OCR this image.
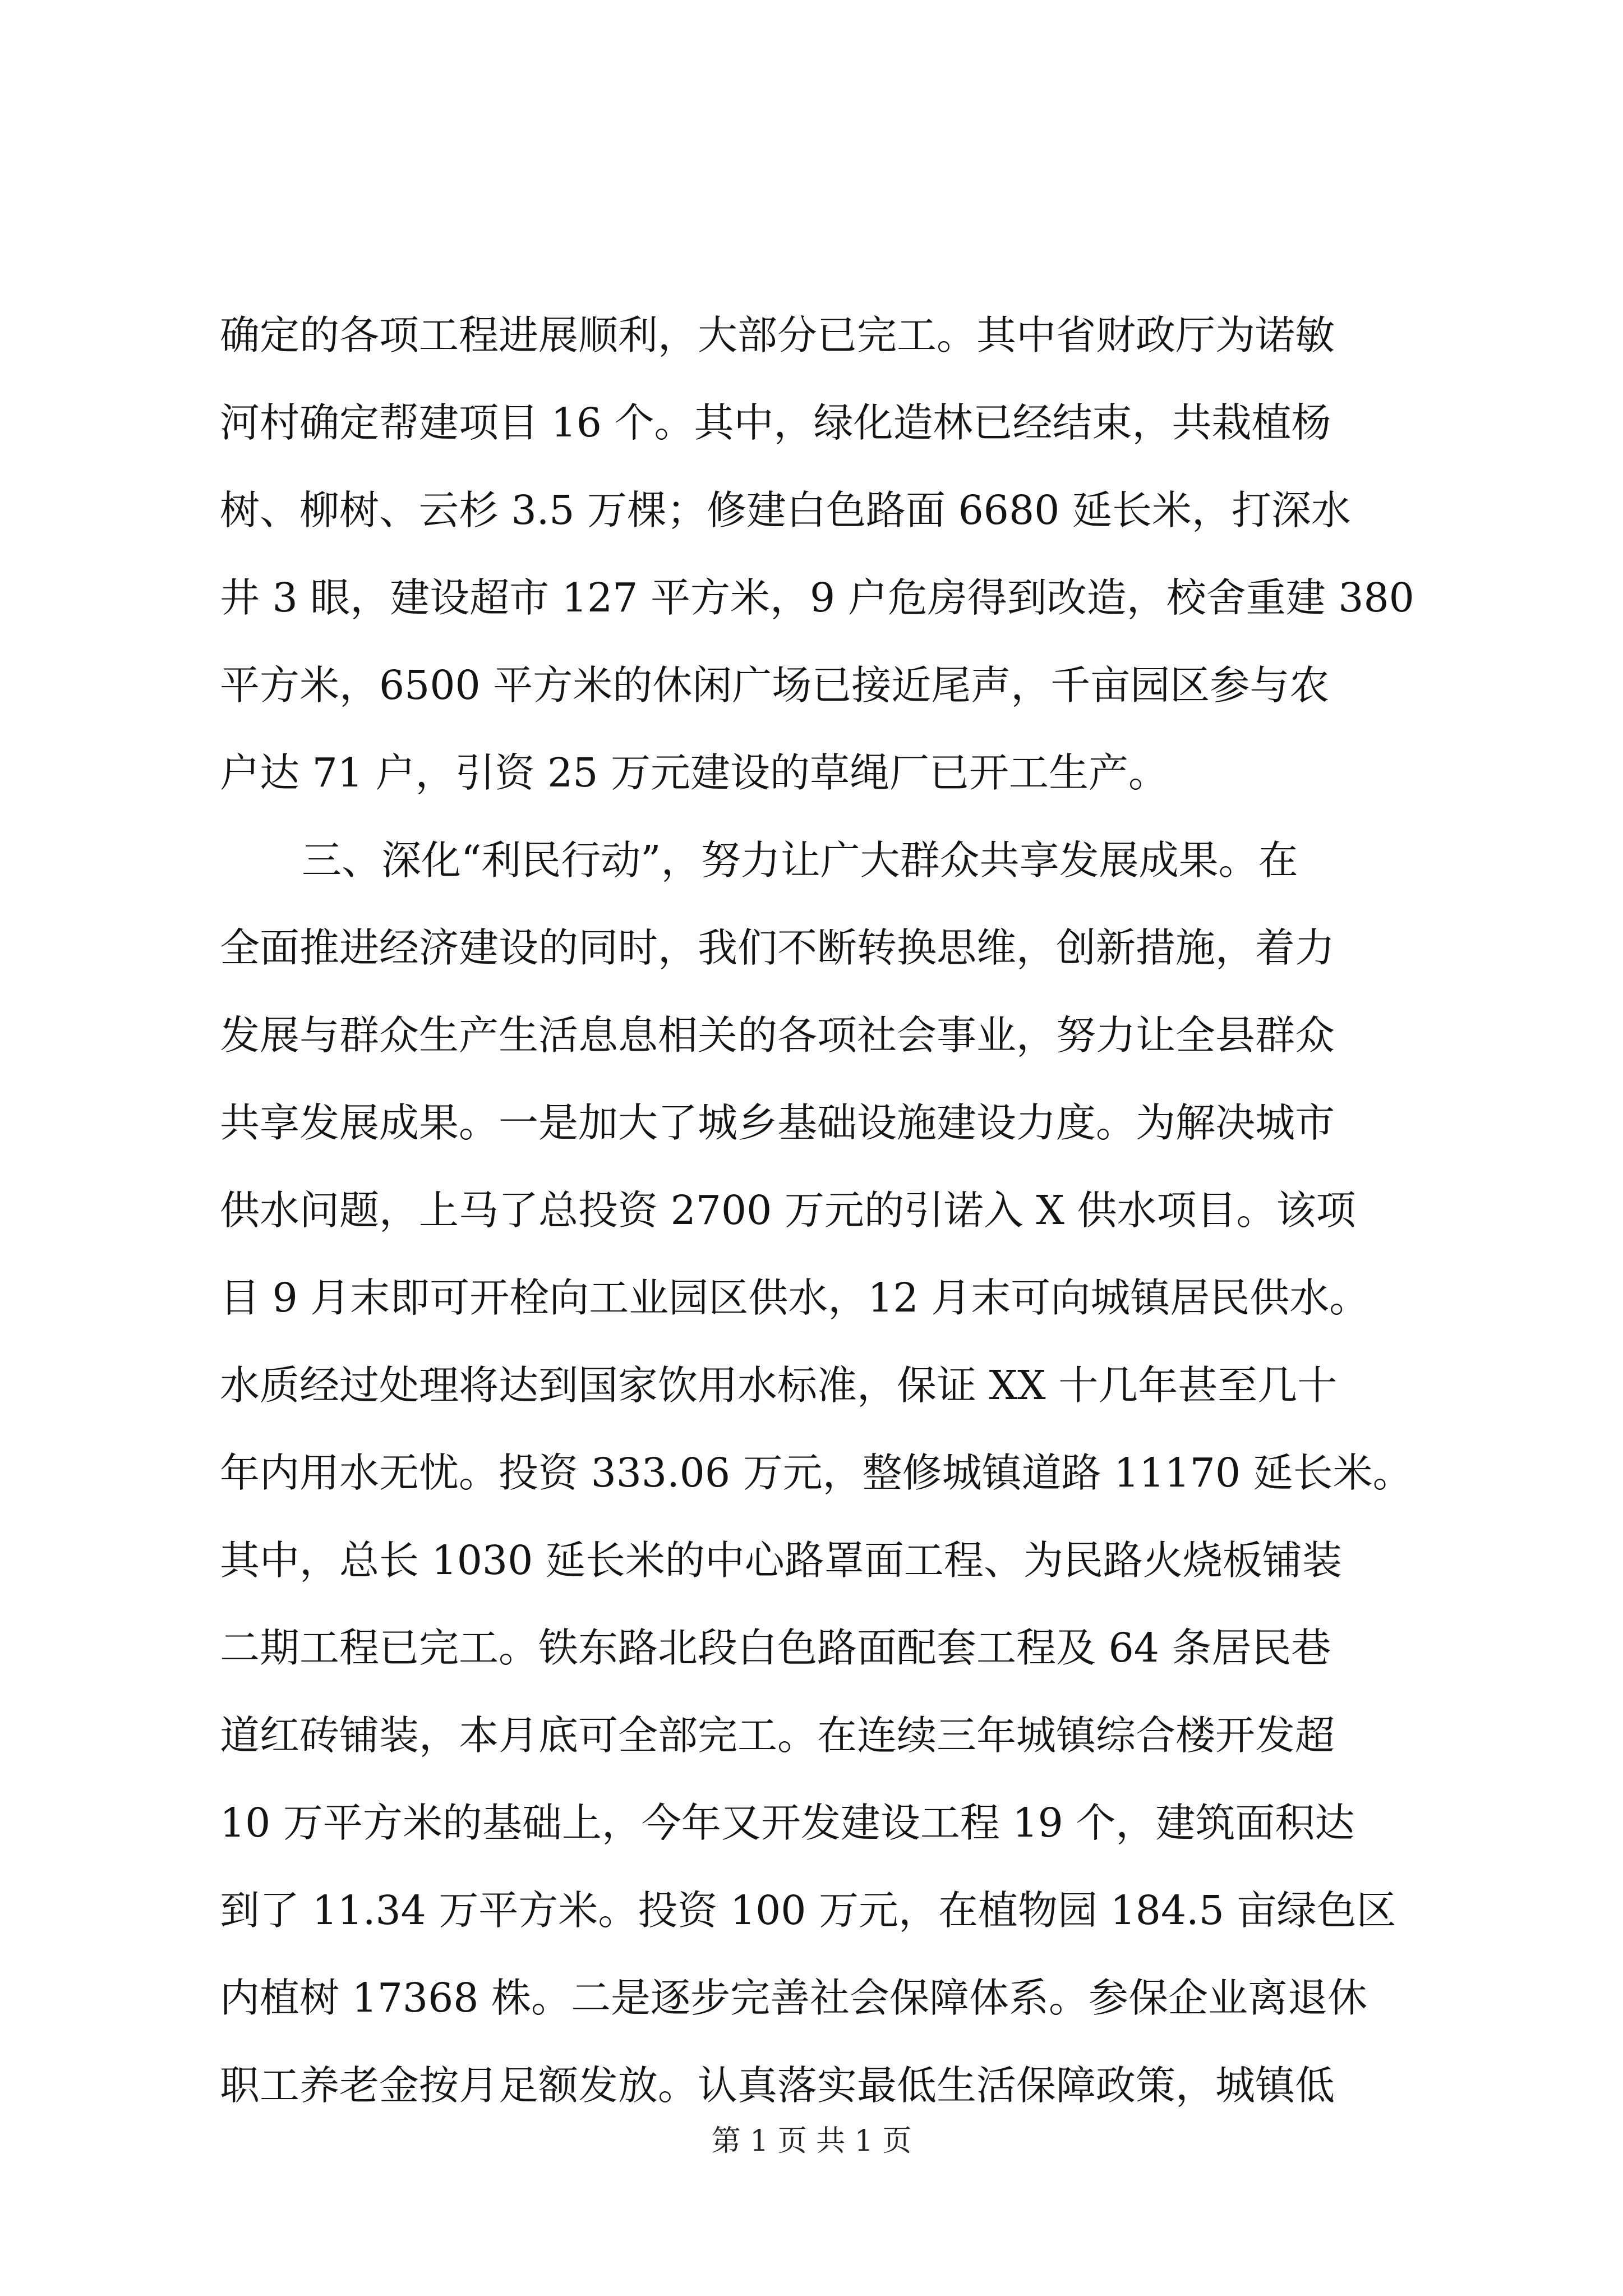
确定的各项工程进展顺利，大部分已完工。其中省财政厅为诺敏
河村确定帮建项目 16 个。其中，绿化造林已经结束，共栽植杨
树、柳树、云杉 3.5 万棵；修建白色路面 6680 延长米，打深水
井 3 眼，建设超市 127 平方米，9 户危房得到改造，校舍重建 380
平方米，6500 平方米的休闲广场已接近尾声，千亩园区参与农
户达 71 户，引资 25 万元建设的草绳厂已开工生产。
三、深化“利民行动”，努力让广大群众共享发展成果。在
全面推进经济建设的同时，我们不断转换思维，创新措施，着力
发展与群众生产生活息息相关的各项社会事业，努力让全县群众
共享发展成果。一是加大了城乡基础设施建设力度。为解决城市
供水问题，上马了总投资 2700 万元的引诺入 X 供水项目。该项
目 9 月末即可开栓向工业园区供水，12 月末可向城镇居民供水。
水质经过处理将达到国家饮用水标准，保证 XX 十几年甚至几十
年内用水无忧。投资 333.06 万元，整修城镇道路 11170 延长米。
其中，总长 1030 延长米的中心路罩面工程、为民路火烧板铺装
二期工程已完工。铁东路北段白色路面配套工程及 64 条居民巷
道红砖铺装，本月底可全部完工。在连续三年城镇综合楼开发超
10 万平方米的基础上，今年又开发建设工程 19 个，建筑面积达
到了 11.34 万平方米。投资 100 万元，在植物园 184.5 亩绿色区
内植树 17368 株。二是逐步完善社会保障体系。参保企业离退休
职工养老金按月足额发放。认真落实最低生活保障政策，城镇低
第 1 页 共 1 页
